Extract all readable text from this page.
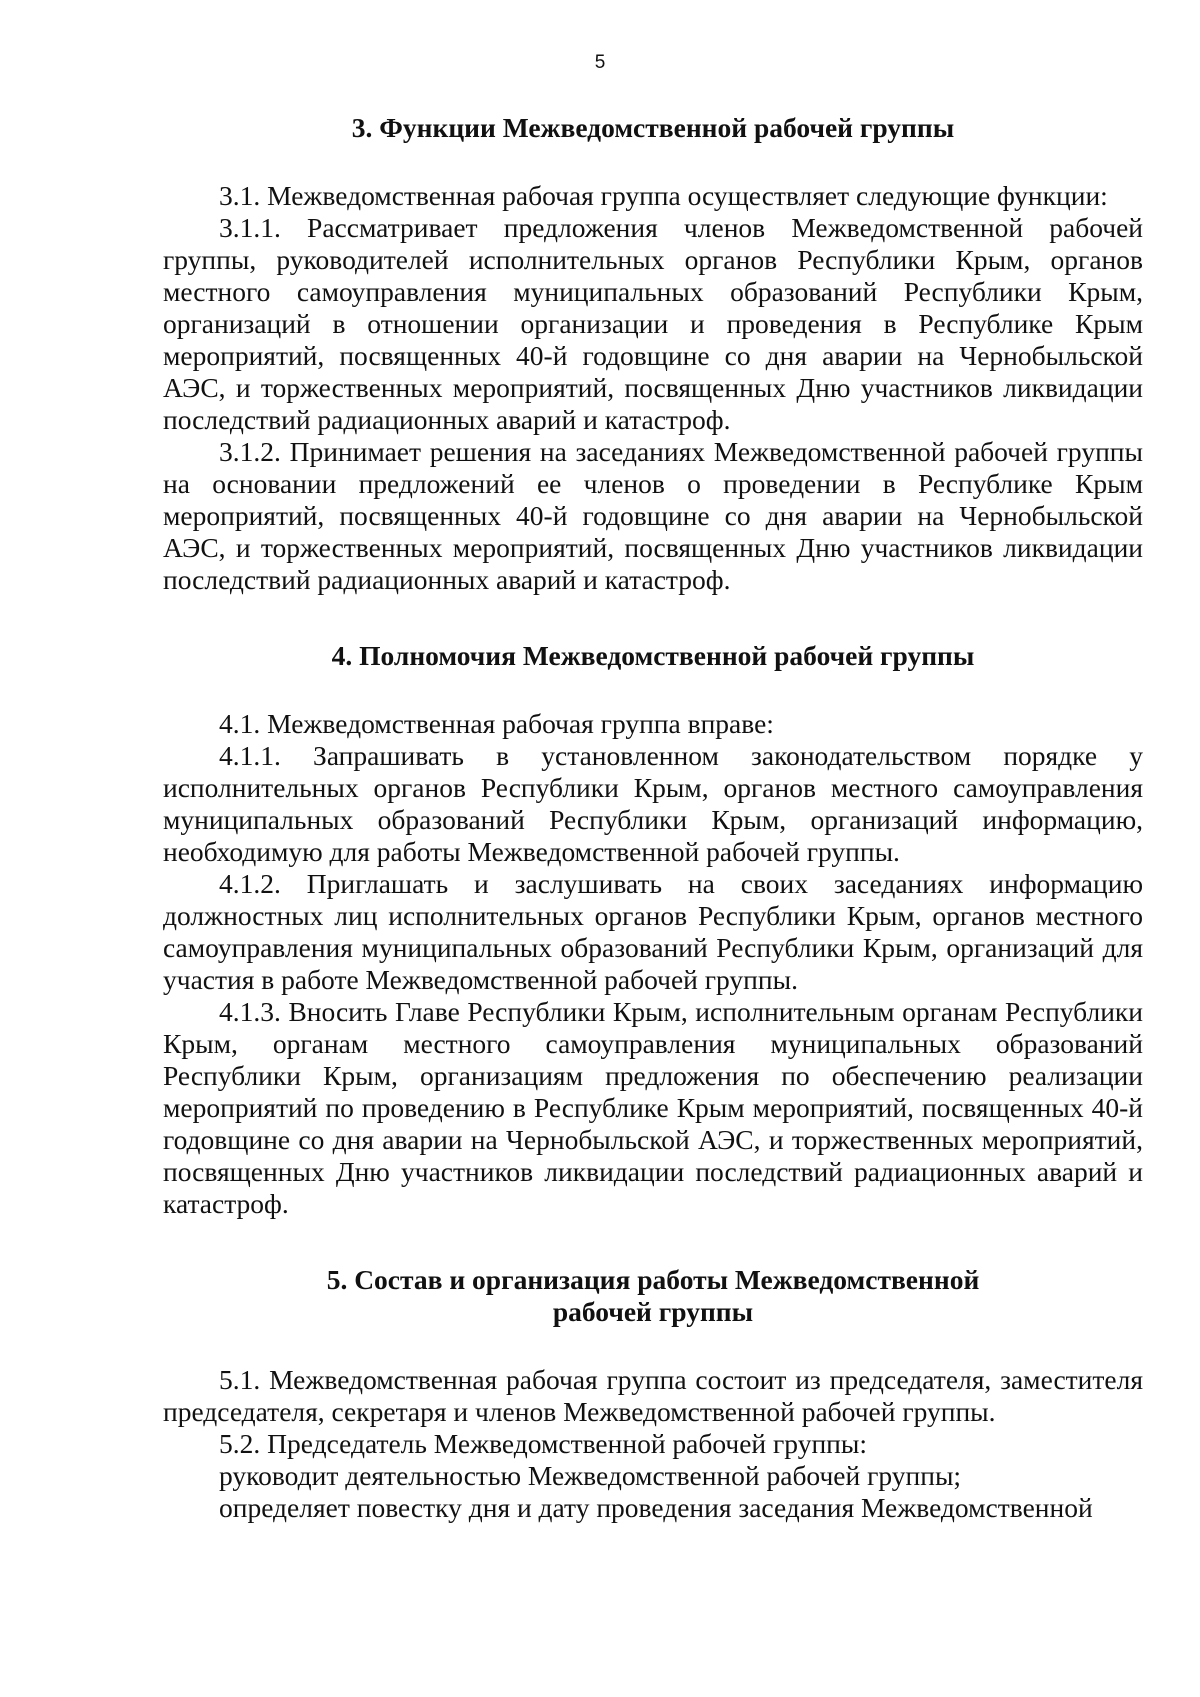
5

3. Функции Межведомственной рабочей группы

3.1. Межведомственная рабочая группа осуществляет следующие функции:

3.1.1. Рассматривает предложения членов Межведомственной рабочей группы, руководителей исполнительных органов Республики Крым, органов местного самоуправления муниципальных образований Республики Крым, организаций в отношении организации и проведения в Республике Крым мероприятий, посвященных 40-й годовщине со дня аварии на Чернобыльской АЭС, и торжественных мероприятий, посвященных Дню участников ликвидации последствий радиационных аварий и катастроф.

3.1.2. Принимает решения на заседаниях Межведомственной рабочей группы на основании предложений ее членов о проведении в Республике Крым мероприятий, посвященных 40-й годовщине со дня аварии на Чернобыльской АЭС, и торжественных мероприятий, посвященных Дню участников ликвидации последствий радиационных аварий и катастроф.

4. Полномочия Межведомственной рабочей группы

4.1. Межведомственная рабочая группа вправе:

4.1.1. Запрашивать в установленном законодательством порядке у исполнительных органов Республики Крым, органов местного самоуправления муниципальных образований Республики Крым, организаций информацию, необходимую для работы Межведомственной рабочей группы.

4.1.2. Приглашать и заслушивать на своих заседаниях информацию должностных лиц исполнительных органов Республики Крым, органов местного самоуправления муниципальных образований Республики Крым, организаций для участия в работе Межведомственной рабочей группы.

4.1.3. Вносить Главе Республики Крым, исполнительным органам Республики Крым, органам местного самоуправления муниципальных образований Республики Крым, организациям предложения по обеспечению реализации мероприятий по проведению в Республике Крым мероприятий, посвященных 40-й годовщине со дня аварии на Чернобыльской АЭС, и торжественных мероприятий, посвященных Дню участников ликвидации последствий радиационных аварий и катастроф.

5. Состав и организация работы Межведомственной
рабочей группы

5.1. Межведомственная рабочая группа состоит из председателя, заместителя председателя, секретаря и членов Межведомственной рабочей группы.

5.2. Председатель Межведомственной рабочей группы:

руководит деятельностью Межведомственной рабочей группы;

определяет повестку дня и дату проведения заседания Межведомственной
